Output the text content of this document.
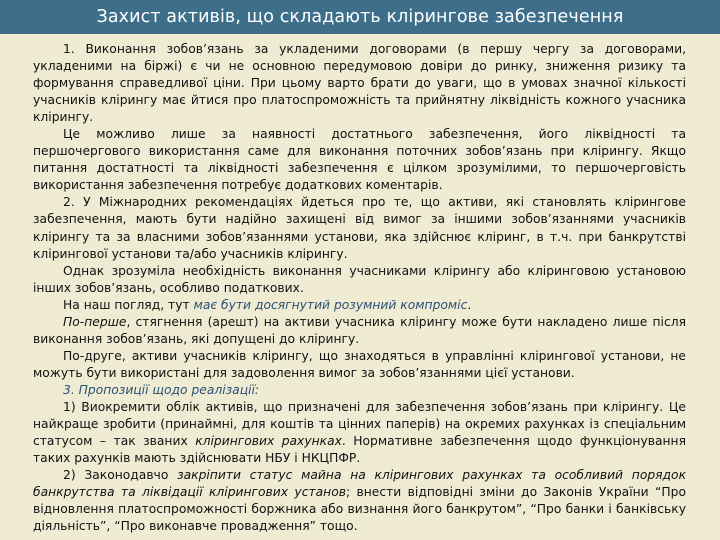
Захист активів, що складають кліринговe забезпечення

1. Виконання зобов’язань за укладеними договорами (в першу чергу за договорами, укладеними на біржі) є чи не основною передумовою довіри до ринку, зниження ризику та формування справедливої ціни. При цьому варто брати до уваги, що в умовах значної кількості учасників клірингу має йтися про платоспроможність та прийнятну ліквідність кожного учасника клірингу.

Це можливо лише за наявності достатнього забезпечення, його ліквідності та першочергового використання саме для виконання поточних зобов’язань при клірингу. Якщо питання достатності та ліквідності забезпечення є цілком зрозумілими, то першочерговість використання забезпечення потребує додаткових коментарів.

2. У Міжнародних рекомендаціях йдеться про те, що активи, які становлять клірингове забезпечення, мають бути надійно захищені від вимог за іншими зобов’язаннями учасників клірингу та за власними зобов’язаннями установи, яка здійснює кліринг, в т.ч. при банкрутстві клірингової установи та/або учасників клірингу.

Однак зрозуміла необхідність виконання учасниками клірингу або кліринговою установою інших зобов’язань, особливо податкових.

На наш погляд, тут має бути досягнутий розумний компроміс.

По-перше, стягнення (арешт) на активи учасника клірингу може бути накладено лише після виконання зобов’язань, які допущені до клірингу.

По-друге, активи учасників клірингу, що знаходяться в управлінні клірингової установи, не можуть бути використані для задоволення вимог за зобов’язаннями цієї установи.

3. Пропозиції щодо реалізації:

1) Виокремити облік активів, що призначені для забезпечення зобов’язань при клірингу. Це найкраще зробити (принаймні, для коштів та цінних паперів) на окремих рахунках із спеціальним статусом – так званих клірингових рахунках. Нормативне забезпечення щодо функціонування таких рахунків мають здійснювати НБУ і НКЦПФР.

2) Законодавчо закріпити статус майна на клірингових рахунках та особливий порядок банкрутства та ліквідації клірингових установ; внести відповідні зміни до Законів України “Про відновлення платоспроможності боржника або визнання його банкрутом”, “Про банки і банківську діяльність”, “Про виконавче провадження” тощо.
